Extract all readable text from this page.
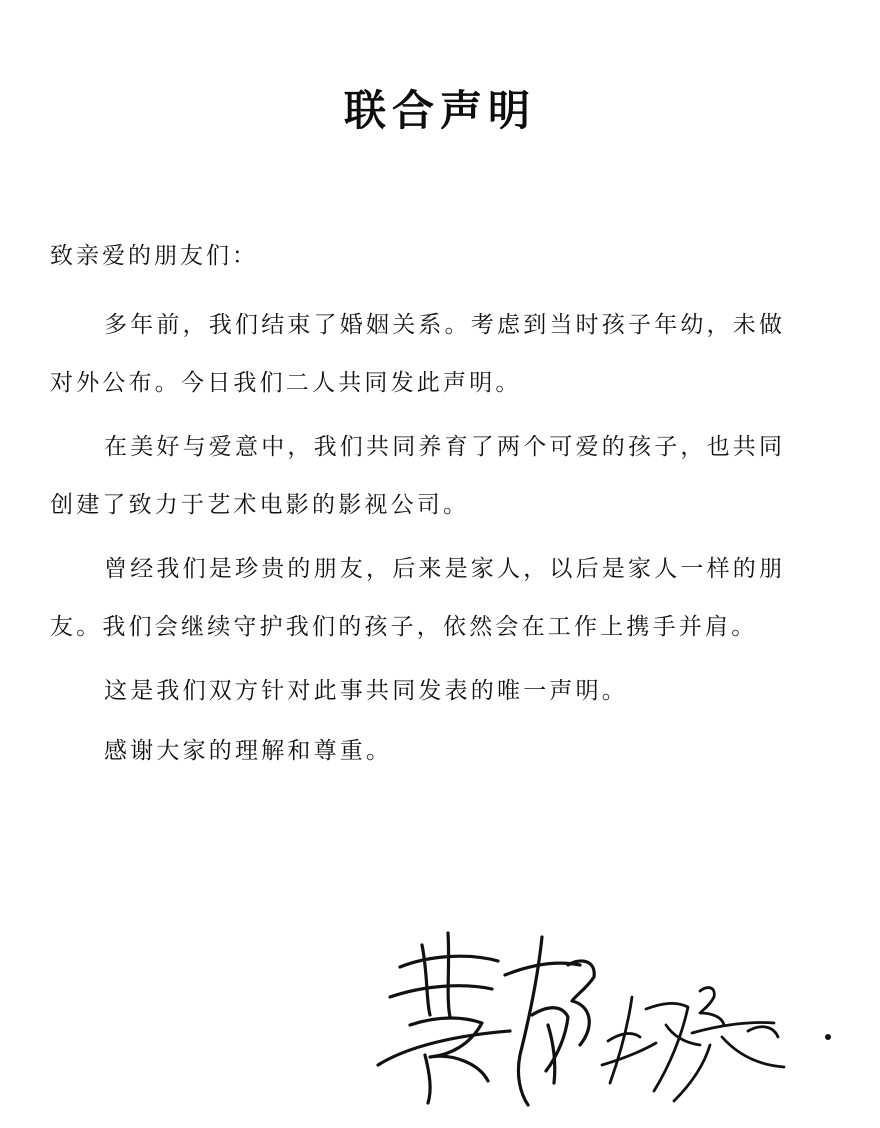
联合声明

致亲爱的朋友们：

多年前，我们结束了婚姻关系。考虑到当时孩子年幼，未做对外公布。今日我们二人共同发此声明。

在美好与爱意中，我们共同养育了两个可爱的孩子，也共同创建了致力于艺术电影的影视公司。

曾经我们是珍贵的朋友，后来是家人，以后是家人一样的朋友。我们会继续守护我们的孩子，依然会在工作上携手并肩。

这是我们双方针对此事共同发表的唯一声明。

感谢大家的理解和尊重。
